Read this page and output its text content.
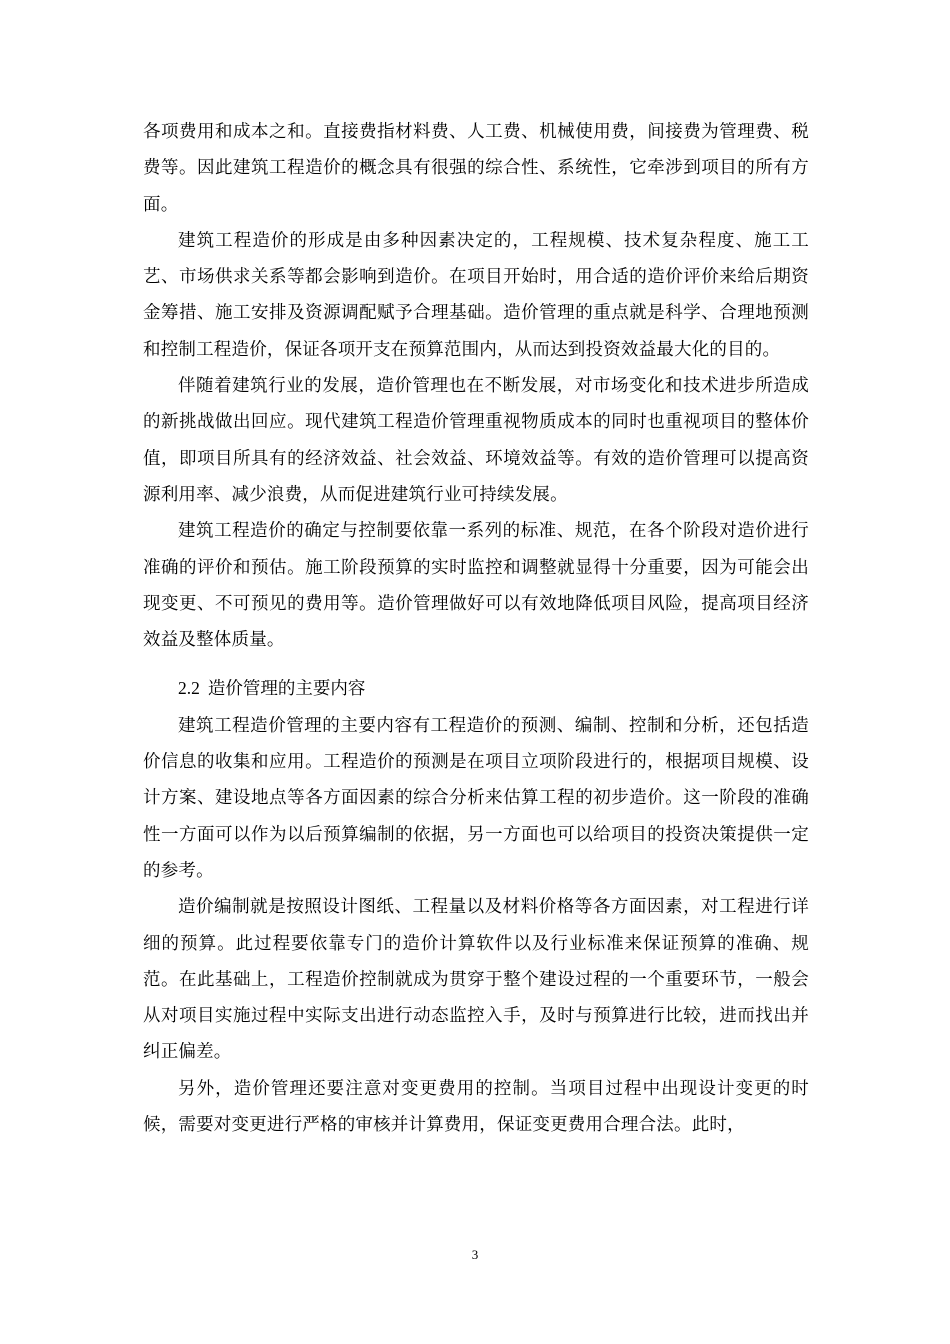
各项费用和成本之和。直接费指材料费、人工费、机械使用费，间接费为管理费、税费等。因此建筑工程造价的概念具有很强的综合性、系统性，它牵涉到项目的所有方面。

建筑工程造价的形成是由多种因素决定的，工程规模、技术复杂程度、施工工艺、市场供求关系等都会影响到造价。在项目开始时，用合适的造价评价来给后期资金筹措、施工安排及资源调配赋予合理基础。造价管理的重点就是科学、合理地预测和控制工程造价，保证各项开支在预算范围内，从而达到投资效益最大化的目的。

伴随着建筑行业的发展，造价管理也在不断发展，对市场变化和技术进步所造成的新挑战做出回应。现代建筑工程造价管理重视物质成本的同时也重视项目的整体价值，即项目所具有的经济效益、社会效益、环境效益等。有效的造价管理可以提高资源利用率、减少浪费，从而促进建筑行业可持续发展。

建筑工程造价的确定与控制要依靠一系列的标准、规范，在各个阶段对造价进行准确的评价和预估。施工阶段预算的实时监控和调整就显得十分重要，因为可能会出现变更、不可预见的费用等。造价管理做好可以有效地降低项目风险，提高项目经济效益及整体质量。

2.2 造价管理的主要内容

建筑工程造价管理的主要内容有工程造价的预测、编制、控制和分析，还包括造价信息的收集和应用。工程造价的预测是在项目立项阶段进行的，根据项目规模、设计方案、建设地点等各方面因素的综合分析来估算工程的初步造价。这一阶段的准确性一方面可以作为以后预算编制的依据，另一方面也可以给项目的投资决策提供一定的参考。

造价编制就是按照设计图纸、工程量以及材料价格等各方面因素，对工程进行详细的预算。此过程要依靠专门的造价计算软件以及行业标准来保证预算的准确、规范。在此基础上，工程造价控制就成为贯穿于整个建设过程的一个重要环节，一般会从对项目实施过程中实际支出进行动态监控入手，及时与预算进行比较，进而找出并纠正偏差。

另外，造价管理还要注意对变更费用的控制。当项目过程中出现设计变更的时候，需要对变更进行严格的审核并计算费用，保证变更费用合理合法。此时，

3
